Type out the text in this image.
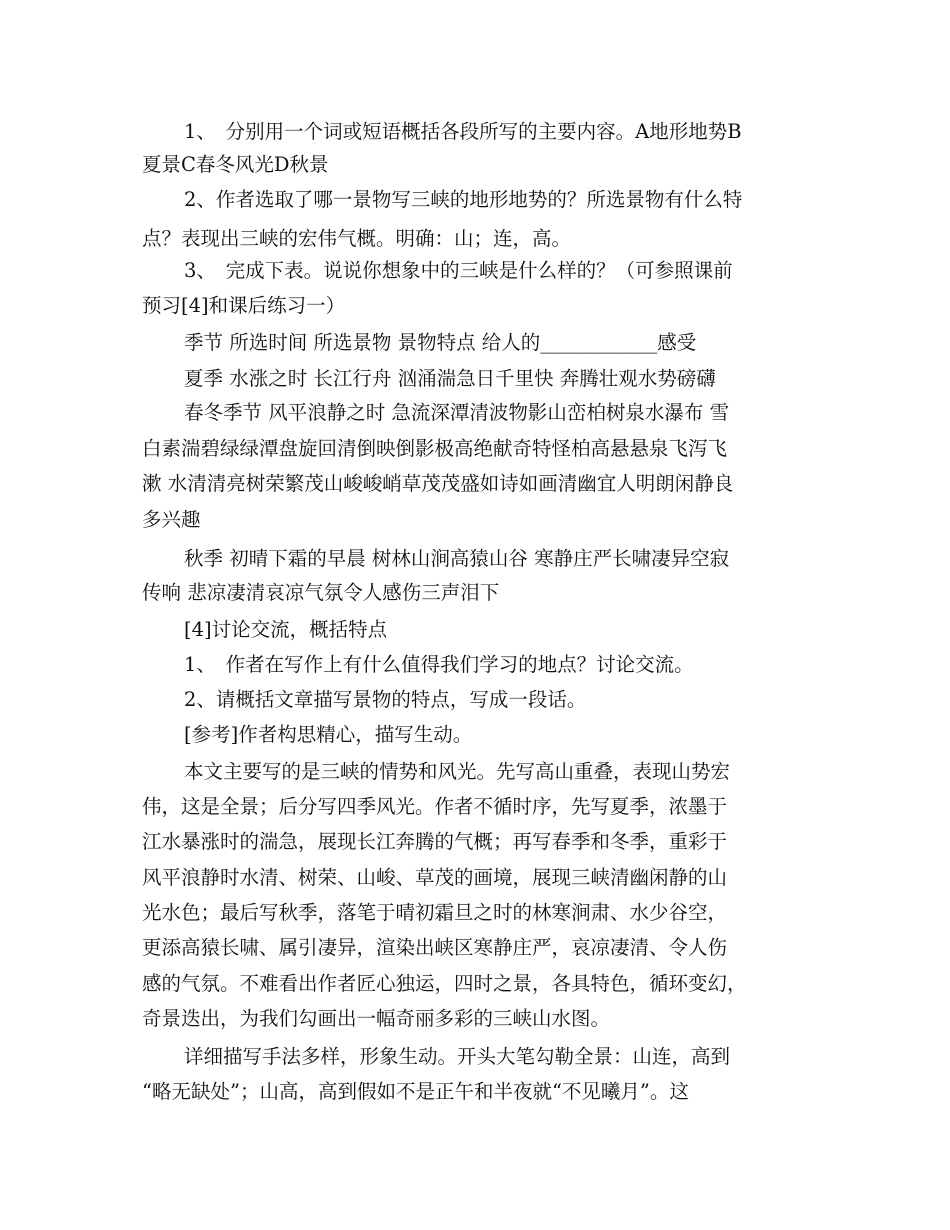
1、　分别用一个词或短语概括各段所写的主要内容。A地形地势B
夏景C春冬风光D秋景
2、作者选取了哪一景物写三峡的地形地势的？所选景物有什么特
点？表现出三峡的宏伟气概。明确：山；连，高。
3、　完成下表。说说你想象中的三峡是什么样的？（可参照课前
预习[4]和课后练习一）
季节 所选时间 所选景物 景物特点 给人的____________感受
夏季 水涨之时 长江行舟 汹涌湍急日千里快 奔腾壮观水势磅礴
春冬季节 风平浪静之时 急流深潭清波物影山峦柏树泉水瀑布 雪
白素湍碧绿绿潭盘旋回清倒映倒影极高绝献奇特怪柏高悬悬泉飞泻飞
漱 水清清亮树荣繁茂山峻峻峭草茂茂盛如诗如画清幽宜人明朗闲静良
多兴趣
秋季 初晴下霜的早晨 树林山涧高猿山谷 寒静庄严长啸凄异空寂
传响 悲凉凄清哀凉气氛令人感伤三声泪下
[4]讨论交流，概括特点
1、　作者在写作上有什么值得我们学习的地点？讨论交流。
2、请概括文章描写景物的特点，写成一段话。
[参考]作者构思精心，描写生动。
本文主要写的是三峡的情势和风光。先写高山重叠，表现山势宏
伟，这是全景；后分写四季风光。作者不循时序，先写夏季，浓墨于
江水暴涨时的湍急，展现长江奔腾的气概；再写春季和冬季，重彩于
风平浪静时水清、树荣、山峻、草茂的画境，展现三峡清幽闲静的山
光水色；最后写秋季，落笔于晴初霜旦之时的林寒涧肃、水少谷空，
更添高猿长啸、属引凄异，渲染出峡区寒静庄严，哀凉凄清、令人伤
感的气氛。不难看出作者匠心独运，四时之景，各具特色，循环变幻，
奇景迭出，为我们勾画出一幅奇丽多彩的三峡山水图。
详细描写手法多样，形象生动。开头大笔勾勒全景：山连，高到
“略无缺处”；山高，高到假如不是正午和半夜就“不见曦月”。这
